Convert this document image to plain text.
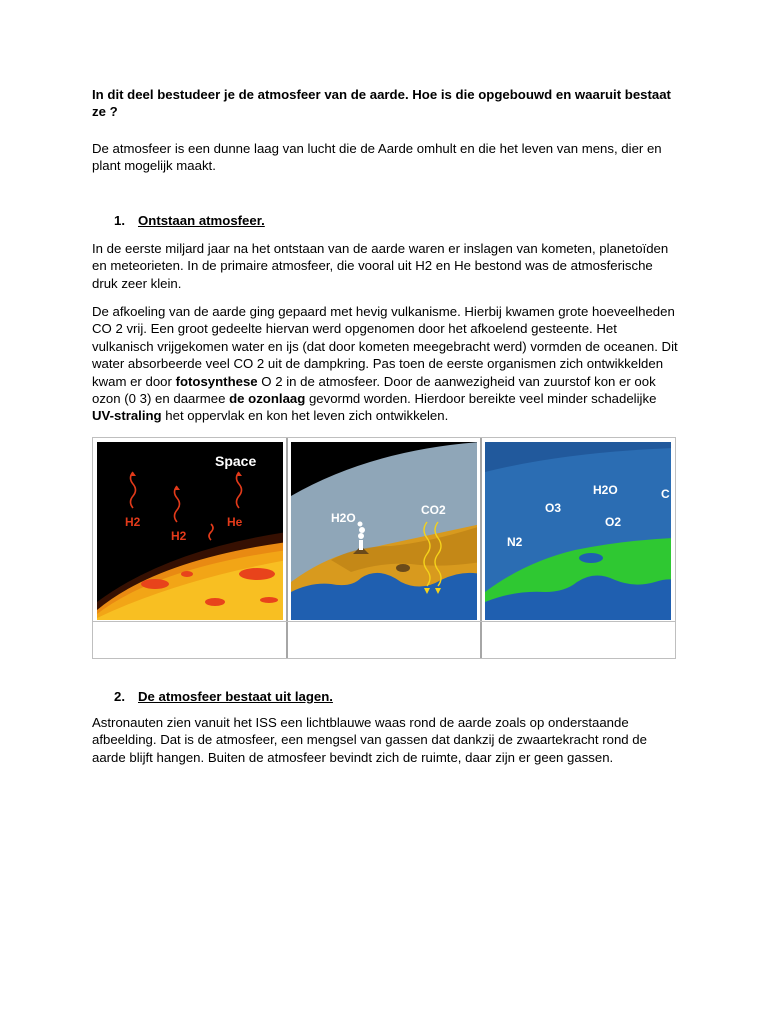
In dit deel bestudeer je de atmosfeer van de aarde. Hoe is die opgebouwd en waaruit bestaat ze ?

De atmosfeer is een dunne laag van lucht die de Aarde omhult en die het leven van mens, dier en plant mogelijk maakt.

1. Ontstaan atmosfeer.

In de eerste miljard jaar na het ontstaan van de aarde waren er inslagen van kometen, planetoïden en meteorieten. In de primaire atmosfeer, die vooral uit H2 en He bestond was de atmosferische druk zeer klein.

De afkoeling van de aarde ging gepaard met hevig vulkanisme. Hierbij kwamen grote hoeveelheden CO 2 vrij. Een groot gedeelte hiervan werd opgenomen door het afkoelend gesteente. Het vulkanisch vrijgekomen water en ijs (dat door kometen meegebracht werd) vormden de oceanen. Dit water absorbeerde veel CO 2 uit de dampkring. Pas toen de eerste organismen zich ontwikkelden kwam er door fotosynthese O 2 in de atmosfeer. Door de aanwezigheid van zuurstof kon er ook ozon (0 3) en daarmee de ozonlaag gevormd worden. Hierdoor bereikte veel minder schadelijke UV-straling het oppervlak en kon het leven zich ontwikkelen.

Space
H2
H2
He	H2O
CO2
H2O
O3
O2
N2
C
2. De atmosfeer bestaat uit lagen.

Astronauten zien vanuit het ISS een lichtblauwe waas rond de aarde zoals op onderstaande afbeelding. Dat is de atmosfeer, een mengsel van gassen dat dankzij de zwaartekracht rond de aarde blijft hangen. Buiten de atmosfeer bevindt zich de ruimte, daar zijn er geen gassen.
